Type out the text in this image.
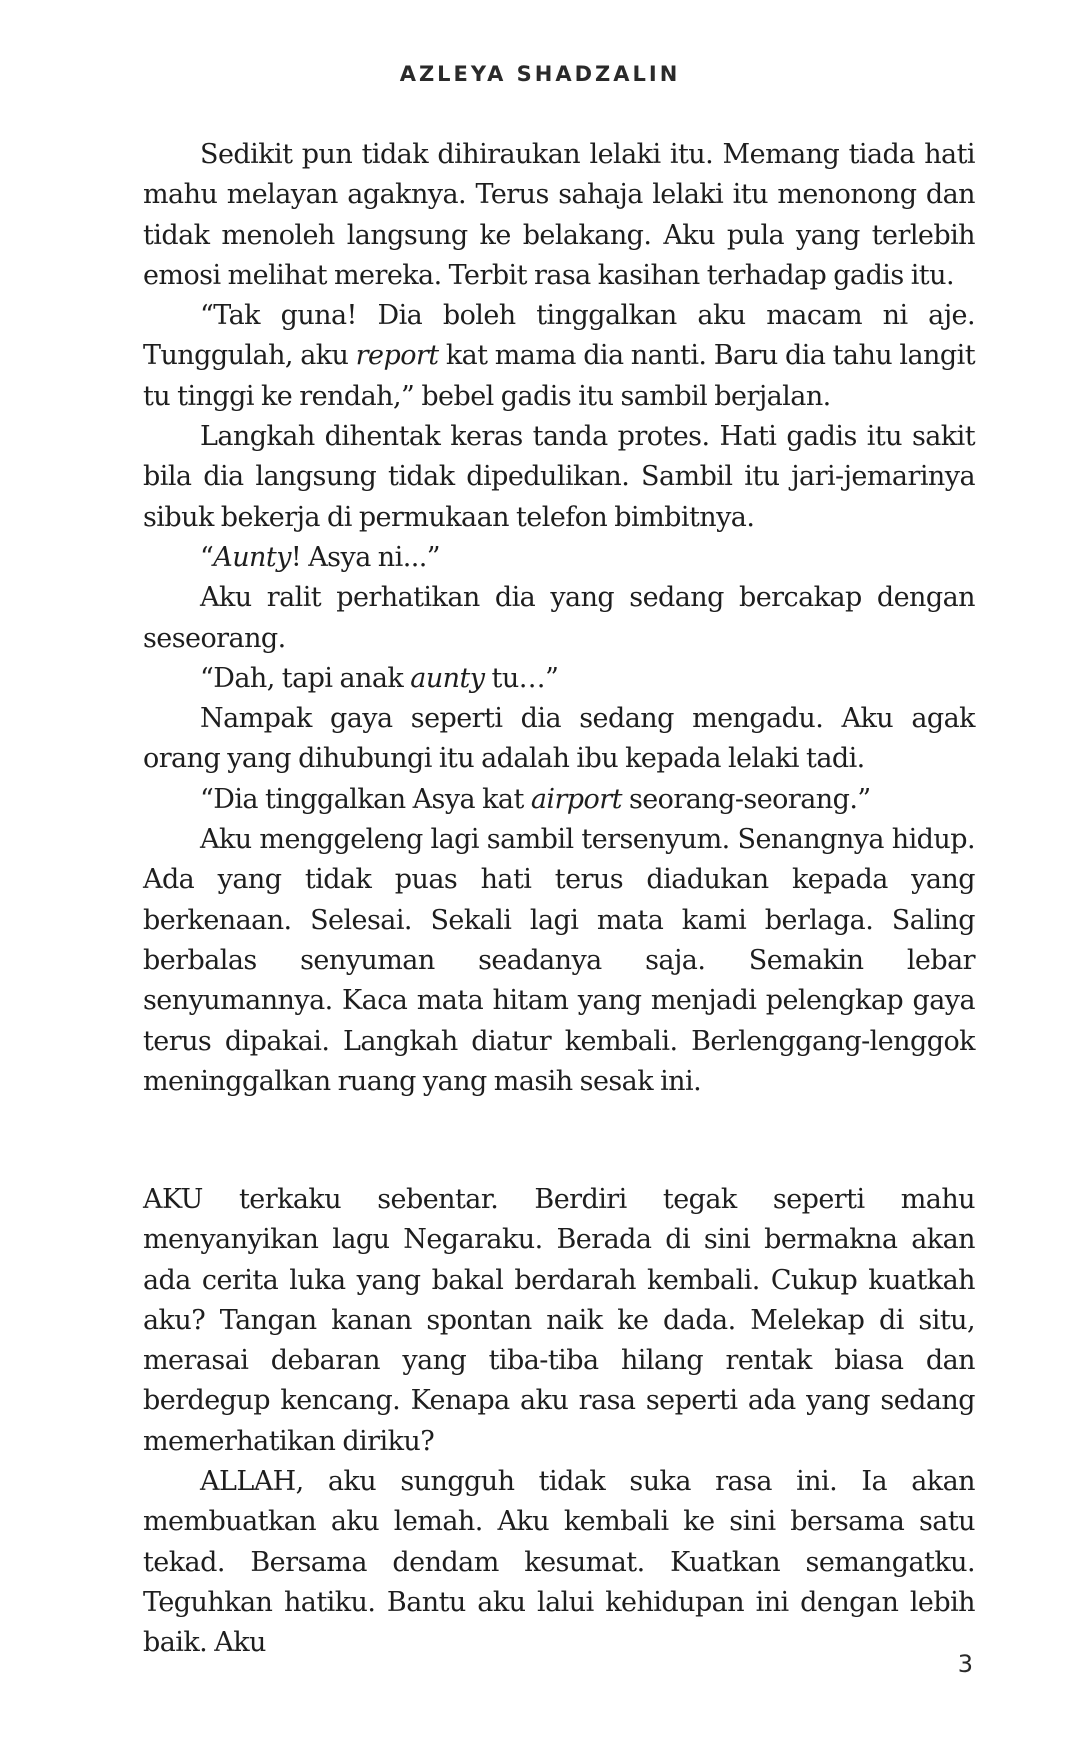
AZLEYA SHADZALIN

Sedikit pun tidak dihiraukan lelaki itu. Memang tiada hati mahu melayan agaknya. Terus sahaja lelaki itu menonong dan tidak menoleh langsung ke belakang. Aku pula yang terlebih emosi melihat mereka. Terbit rasa kasihan terhadap gadis itu.

“Tak guna! Dia boleh tinggalkan aku macam ni aje. Tunggulah, aku report kat mama dia nanti. Baru dia tahu langit tu tinggi ke rendah,” bebel gadis itu sambil berjalan.

Langkah dihentak keras tanda protes. Hati gadis itu sakit bila dia langsung tidak dipedulikan. Sambil itu jari-jemarinya sibuk bekerja di permukaan telefon bimbitnya.

“Aunty! Asya ni...”

Aku ralit perhatikan dia yang sedang bercakap dengan seseorang.

“Dah, tapi anak aunty tu…”

Nampak gaya seperti dia sedang mengadu. Aku agak orang yang dihubungi itu adalah ibu kepada lelaki tadi.

“Dia tinggalkan Asya kat airport seorang-seorang.”

Aku menggeleng lagi sambil tersenyum. Senangnya hidup. Ada yang tidak puas hati terus diadukan kepada yang berkenaan. Selesai. Sekali lagi mata kami berlaga. Saling berbalas senyuman seadanya saja. Semakin lebar senyumannya. Kaca mata hitam yang menjadi pelengkap gaya terus dipakai. Langkah diatur kembali. Berlenggang-lenggok meninggalkan ruang yang masih sesak ini.

AKU terkaku sebentar. Berdiri tegak seperti mahu menyanyikan lagu Negaraku. Berada di sini bermakna akan ada cerita luka yang bakal berdarah kembali. Cukup kuatkah aku? Tangan kanan spontan naik ke dada. Melekap di situ, merasai debaran yang tiba-tiba hilang rentak biasa dan berdegup kencang. Kenapa aku rasa seperti ada yang sedang memerhatikan diriku?

ALLAH, aku sungguh tidak suka rasa ini. Ia akan membuatkan aku lemah. Aku kembali ke sini bersama satu tekad. Bersama dendam kesumat. Kuatkan semangatku. Teguhkan hatiku. Bantu aku lalui kehidupan ini dengan lebih baik. Aku

3
